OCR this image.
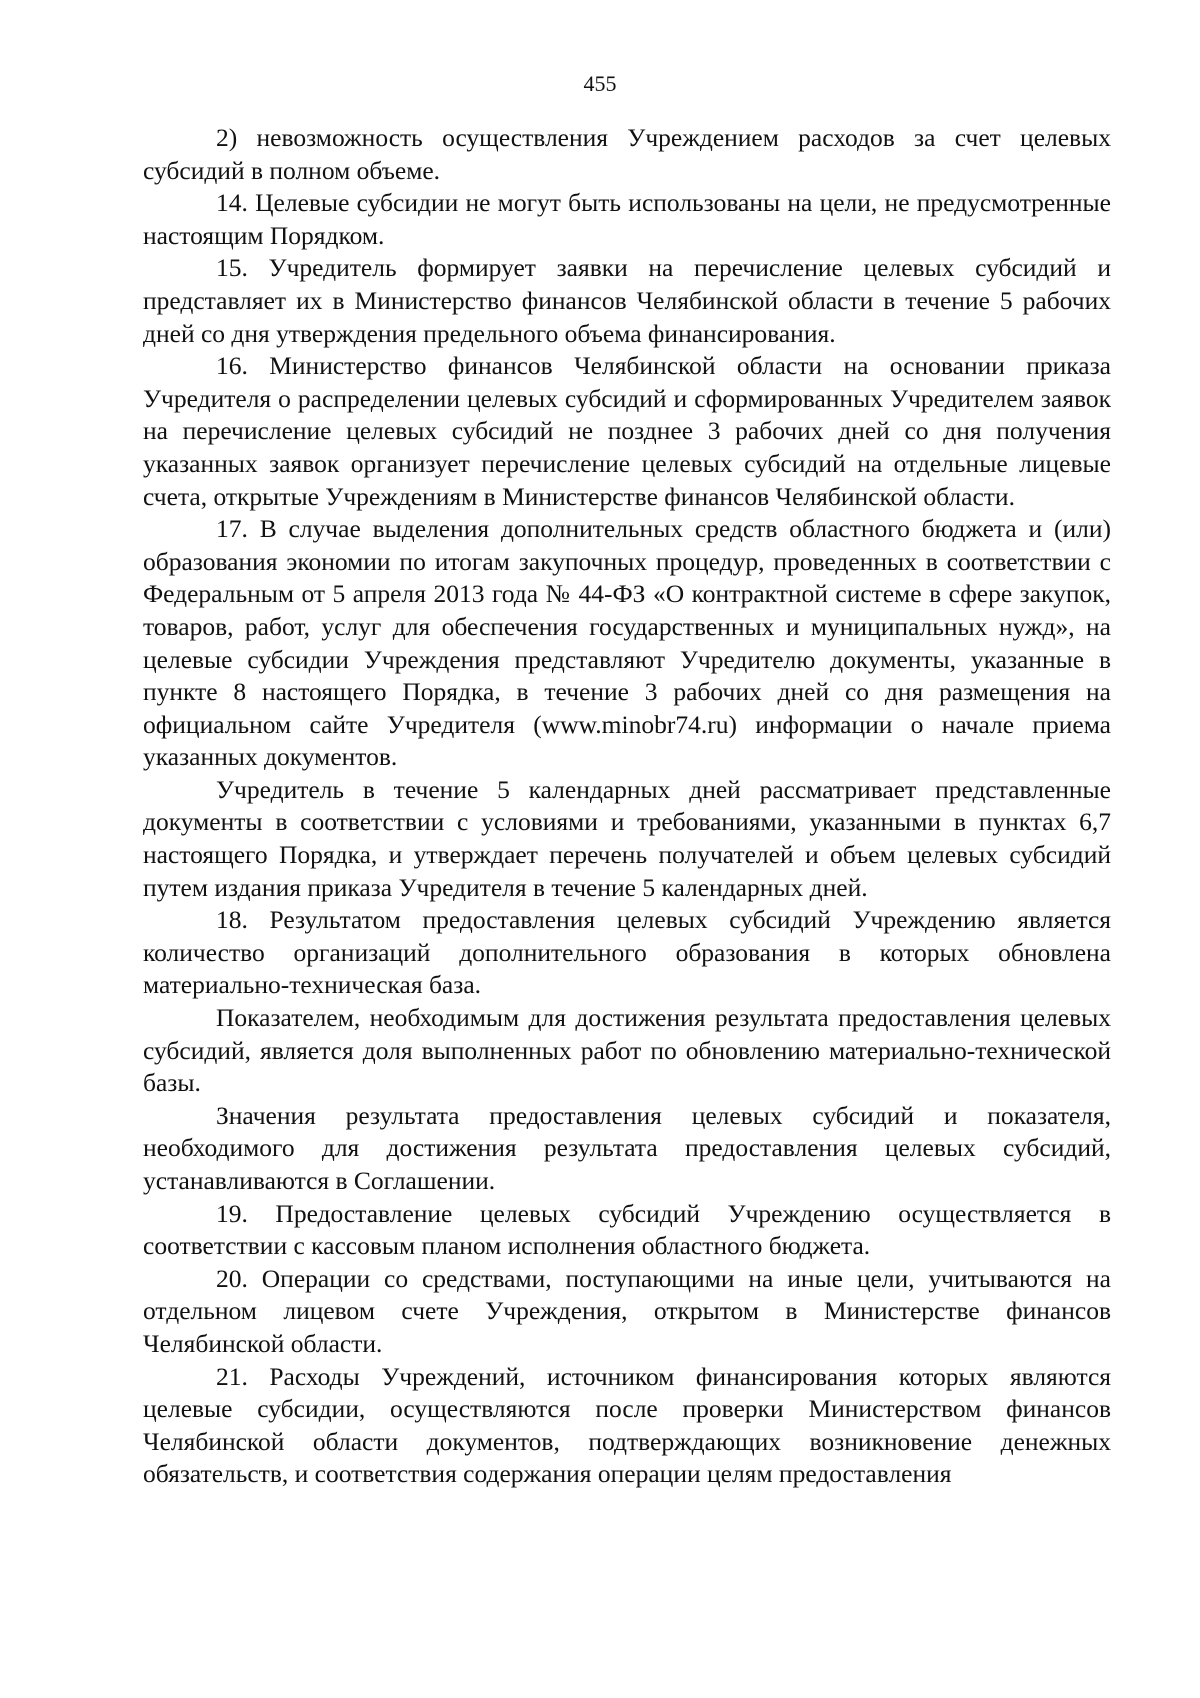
455

2) невозможность осуществления Учреждением расходов за счет целевых субсидий в полном объеме.

14. Целевые субсидии не могут быть использованы на цели, не предусмотренные настоящим Порядком.

15. Учредитель формирует заявки на перечисление целевых субсидий и представляет их в Министерство финансов Челябинской области в течение 5 рабочих дней со дня утверждения предельного объема финансирования.

16. Министерство финансов Челябинской области на основании приказа Учредителя о распределении целевых субсидий и сформированных Учредителем заявок на перечисление целевых субсидий не позднее 3 рабочих дней со дня получения указанных заявок организует перечисление целевых субсидий на отдельные лицевые счета, открытые Учреждениям в Министерстве финансов Челябинской области.

17. В случае выделения дополнительных средств областного бюджета и (или) образования экономии по итогам закупочных процедур, проведенных в соответствии с Федеральным от 5 апреля 2013 года № 44-ФЗ «О контрактной системе в сфере закупок, товаров, работ, услуг для обеспечения государственных и муниципальных нужд», на целевые субсидии Учреждения представляют Учредителю документы, указанные в пункте 8 настоящего Порядка, в течение 3 рабочих дней со дня размещения на официальном сайте Учредителя (www.minobr74.ru) информации о начале приема указанных документов.

Учредитель в течение 5 календарных дней рассматривает представленные документы в соответствии с условиями и требованиями, указанными в пунктах 6,7 настоящего Порядка, и утверждает перечень получателей и объем целевых субсидий путем издания приказа Учредителя в течение 5 календарных дней.

18. Результатом предоставления целевых субсидий Учреждению является количество организаций дополнительного образования в которых обновлена материально-техническая база.

Показателем, необходимым для достижения результата предоставления целевых субсидий, является доля выполненных работ по обновлению материально-технической базы.

Значения результата предоставления целевых субсидий и показателя, необходимого для достижения результата предоставления целевых субсидий, устанавливаются в Соглашении.

19. Предоставление целевых субсидий Учреждению осуществляется в соответствии с кассовым планом исполнения областного бюджета.

20. Операции со средствами, поступающими на иные цели, учитываются на отдельном лицевом счете Учреждения, открытом в Министерстве финансов Челябинской области.

21. Расходы Учреждений, источником финансирования которых являются целевые субсидии, осуществляются после проверки Министерством финансов Челябинской области документов, подтверждающих возникновение денежных обязательств, и соответствия содержания операции целям предоставления
